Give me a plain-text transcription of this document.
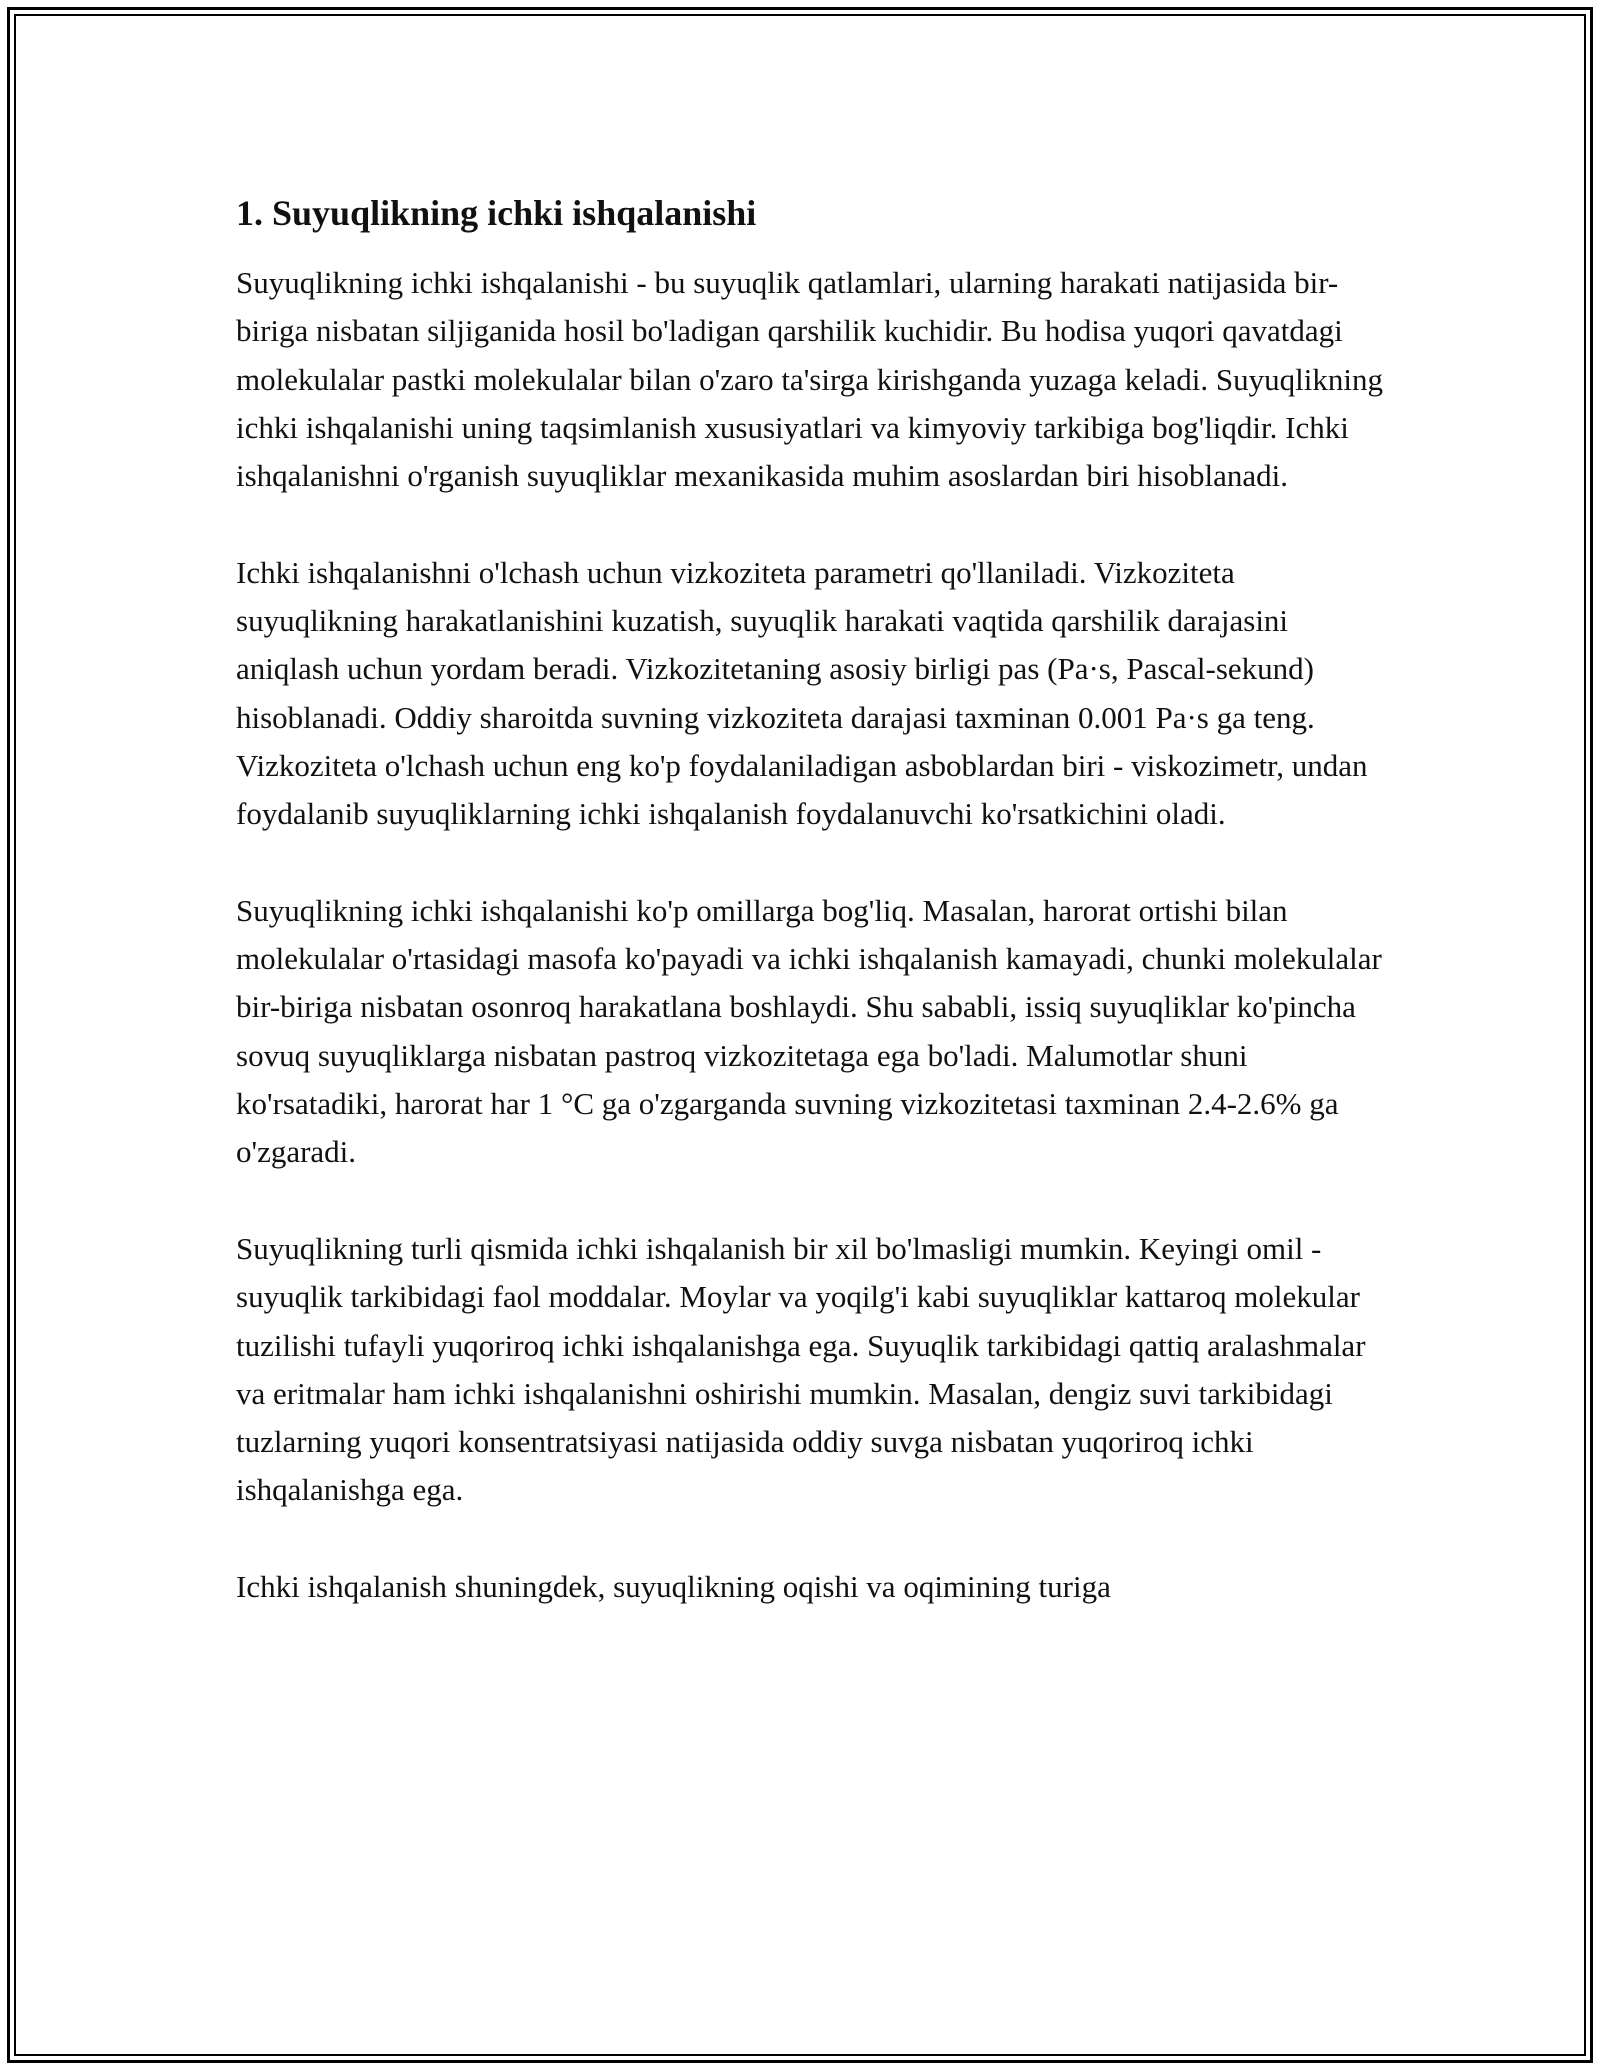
1. Suyuqlikning ichki ishqalanishi

Suyuqlikning ichki ishqalanishi - bu suyuqlik qatlamlari, ularning harakati natijasida bir-biriga nisbatan siljiganida hosil bo'ladigan qarshilik kuchidir. Bu hodisa yuqori qavatdagi molekulalar pastki molekulalar bilan o'zaro ta'sirga kirishganda yuzaga keladi. Suyuqlikning ichki ishqalanishi uning taqsimlanish xususiyatlari va kimyoviy tarkibiga bog'liqdir. Ichki ishqalanishni o'rganish suyuqliklar mexanikasida muhim asoslardan biri hisoblanadi.

Ichki ishqalanishni o'lchash uchun vizkoziteta parametri qo'llaniladi. Vizkoziteta suyuqlikning harakatlanishini kuzatish, suyuqlik harakati vaqtida qarshilik darajasini aniqlash uchun yordam beradi. Vizkozitetaning asosiy birligi pas (Pa·s, Pascal-sekund) hisoblanadi. Oddiy sharoitda suvning vizkoziteta darajasi taxminan 0.001 Pa·s ga teng. Vizkoziteta o'lchash uchun eng ko'p foydalaniladigan asboblardan biri - viskozimetr, undan foydalanib suyuqliklarning ichki ishqalanish foydalanuvchi ko'rsatkichini oladi.

Suyuqlikning ichki ishqalanishi ko'p omillarga bog'liq. Masalan, harorat ortishi bilan molekulalar o'rtasidagi masofa ko'payadi va ichki ishqalanish kamayadi, chunki molekulalar bir-biriga nisbatan osonroq harakatlana boshlaydi. Shu sababli, issiq suyuqliklar ko'pincha sovuq suyuqliklarga nisbatan pastroq vizkozitetaga ega bo'ladi. Malumotlar shuni ko'rsatadiki, harorat har 1 °C ga o'zgarganda suvning vizkozitetasi taxminan 2.4-2.6% ga o'zgaradi.

Suyuqlikning turli qismida ichki ishqalanish bir xil bo'lmasligi mumkin. Keyingi omil - suyuqlik tarkibidagi faol moddalar. Moylar va yoqilg'i kabi suyuqliklar kattaroq molekular tuzilishi tufayli yuqoriroq ichki ishqalanishga ega. Suyuqlik tarkibidagi qattiq aralashmalar va eritmalar ham ichki ishqalanishni oshirishi mumkin. Masalan, dengiz suvi tarkibidagi tuzlarning yuqori konsentratsiyasi natijasida oddiy suvga nisbatan yuqoriroq ichki ishqalanishga ega.

Ichki ishqalanish shuningdek, suyuqlikning oqishi va oqimining turiga
